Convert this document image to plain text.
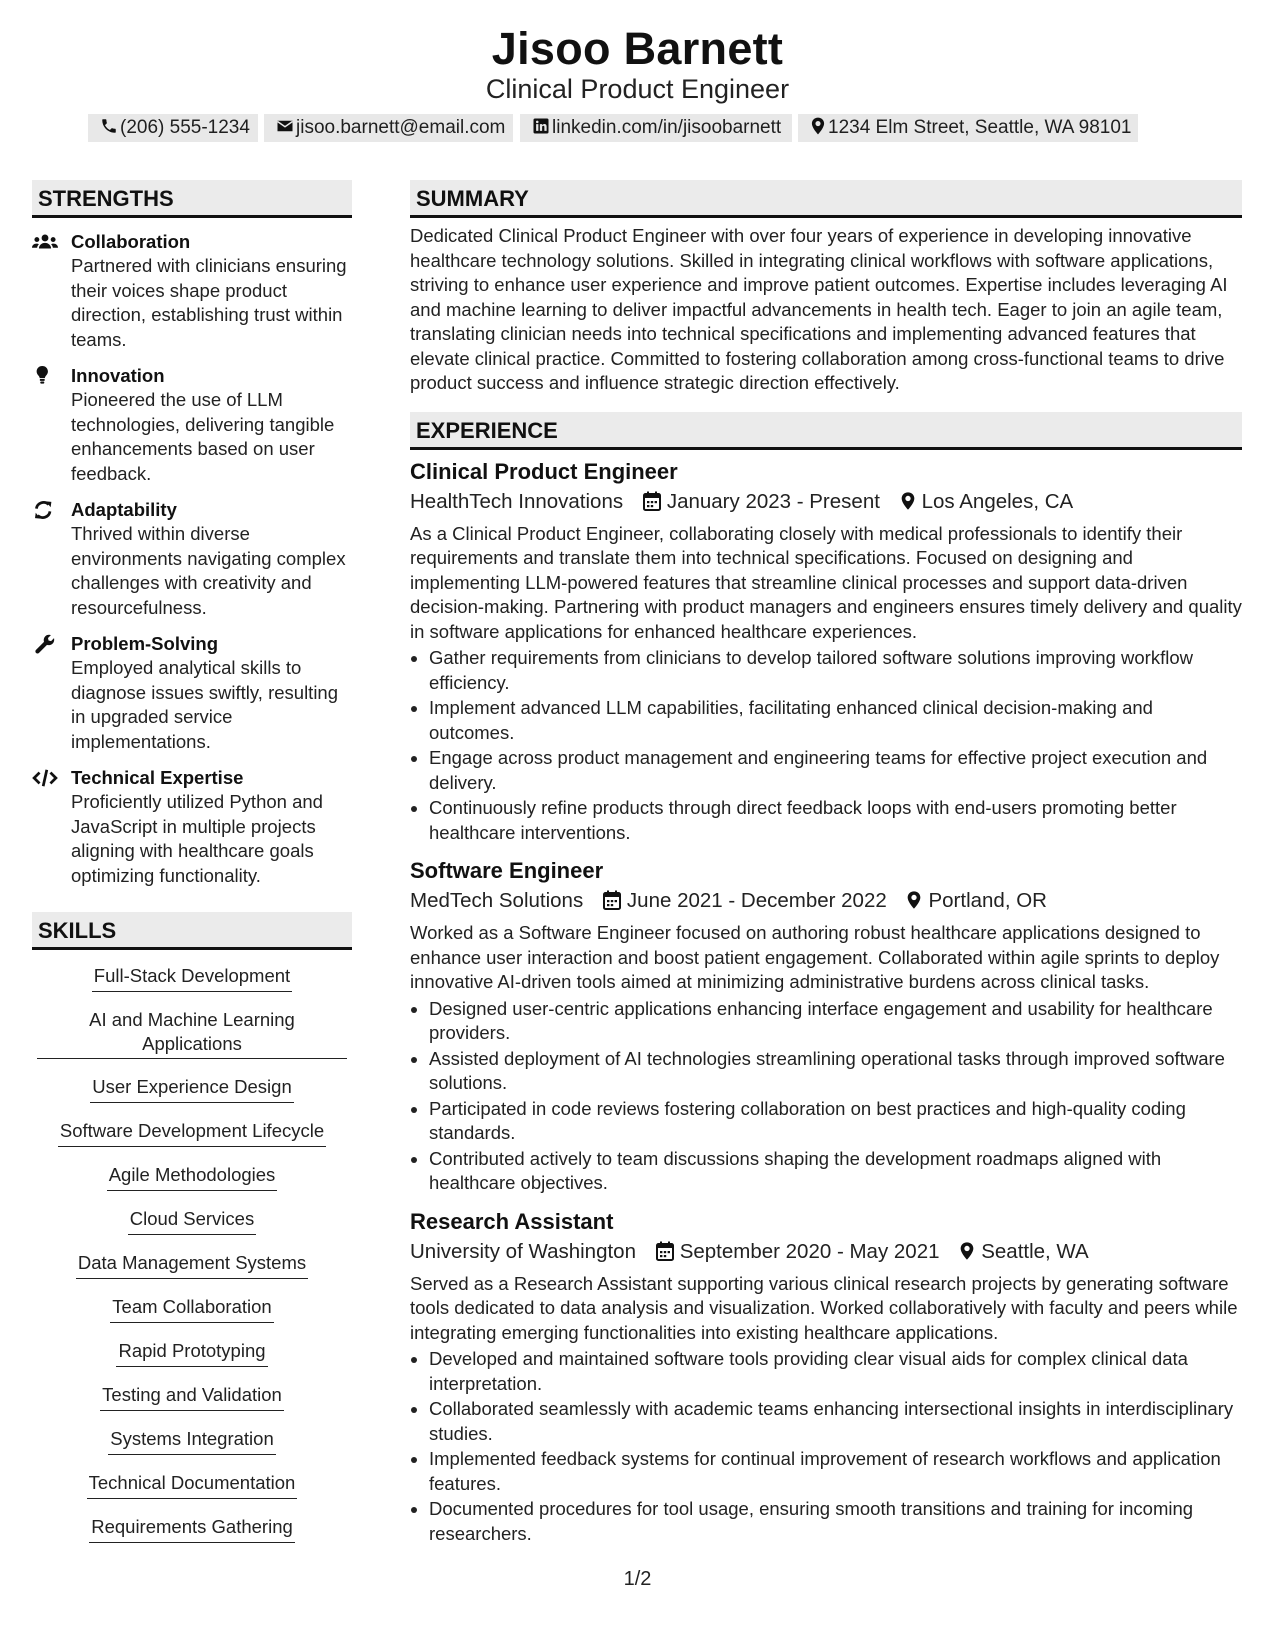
Jisoo Barnett
Clinical Product Engineer
(206) 555-1234	jisoo.barnett@email.com	linkedin.com/in/jisoobarnett	1234 Elm Street, Seattle, WA 98101
STRENGTHS
Collaboration
Partnered with clinicians ensuring their voices shape product direction, establishing trust within teams.
Innovation
Pioneered the use of LLM technologies, delivering tangible enhancements based on user feedback.
Adaptability
Thrived within diverse environments navigating complex challenges with creativity and resourcefulness.
Problem-Solving
Employed analytical skills to diagnose issues swiftly, resulting in upgraded service implementations.
Technical Expertise
Proficiently utilized Python and JavaScript in multiple projects aligning with healthcare goals optimizing functionality.
SKILLS
Full-Stack Development
AI and Machine Learning Applications
User Experience Design
Software Development Lifecycle
Agile Methodologies
Cloud Services
Data Management Systems
Team Collaboration
Rapid Prototyping
Testing and Validation
Systems Integration
Technical Documentation
Requirements Gathering
SUMMARY
Dedicated Clinical Product Engineer with over four years of experience in developing innovative healthcare technology solutions. Skilled in integrating clinical workflows with software applications, striving to enhance user experience and improve patient outcomes. Expertise includes leveraging AI and machine learning to deliver impactful advancements in health tech. Eager to join an agile team, translating clinician needs into technical specifications and implementing advanced features that elevate clinical practice. Committed to fostering collaboration among cross-functional teams to drive product success and influence strategic direction effectively.
EXPERIENCE
Clinical Product Engineer
HealthTech Innovations January 2023 - Present Los Angeles, CA
As a Clinical Product Engineer, collaborating closely with medical professionals to identify their requirements and translate them into technical specifications. Focused on designing and implementing LLM-powered features that streamline clinical processes and support data-driven decision-making. Partnering with product managers and engineers ensures timely delivery and quality in software applications for enhanced healthcare experiences.
• Gather requirements from clinicians to develop tailored software solutions improving workflow efficiency.
• Implement advanced LLM capabilities, facilitating enhanced clinical decision-making and outcomes.
• Engage across product management and engineering teams for effective project execution and delivery.
• Continuously refine products through direct feedback loops with end-users promoting better healthcare interventions.
Software Engineer
MedTech Solutions June 2021 - December 2022 Portland, OR
Worked as a Software Engineer focused on authoring robust healthcare applications designed to enhance user interaction and boost patient engagement. Collaborated within agile sprints to deploy innovative AI-driven tools aimed at minimizing administrative burdens across clinical tasks.
• Designed user-centric applications enhancing interface engagement and usability for healthcare providers.
• Assisted deployment of AI technologies streamlining operational tasks through improved software solutions.
• Participated in code reviews fostering collaboration on best practices and high-quality coding standards.
• Contributed actively to team discussions shaping the development roadmaps aligned with healthcare objectives.
Research Assistant
University of Washington September 2020 - May 2021 Seattle, WA
Served as a Research Assistant supporting various clinical research projects by generating software tools dedicated to data analysis and visualization. Worked collaboratively with faculty and peers while integrating emerging functionalities into existing healthcare applications.
• Developed and maintained software tools providing clear visual aids for complex clinical data interpretation.
• Collaborated seamlessly with academic teams enhancing intersectional insights in interdisciplinary studies.
• Implemented feedback systems for continual improvement of research workflows and application features.
• Documented procedures for tool usage, ensuring smooth transitions and training for incoming researchers.
1/2
